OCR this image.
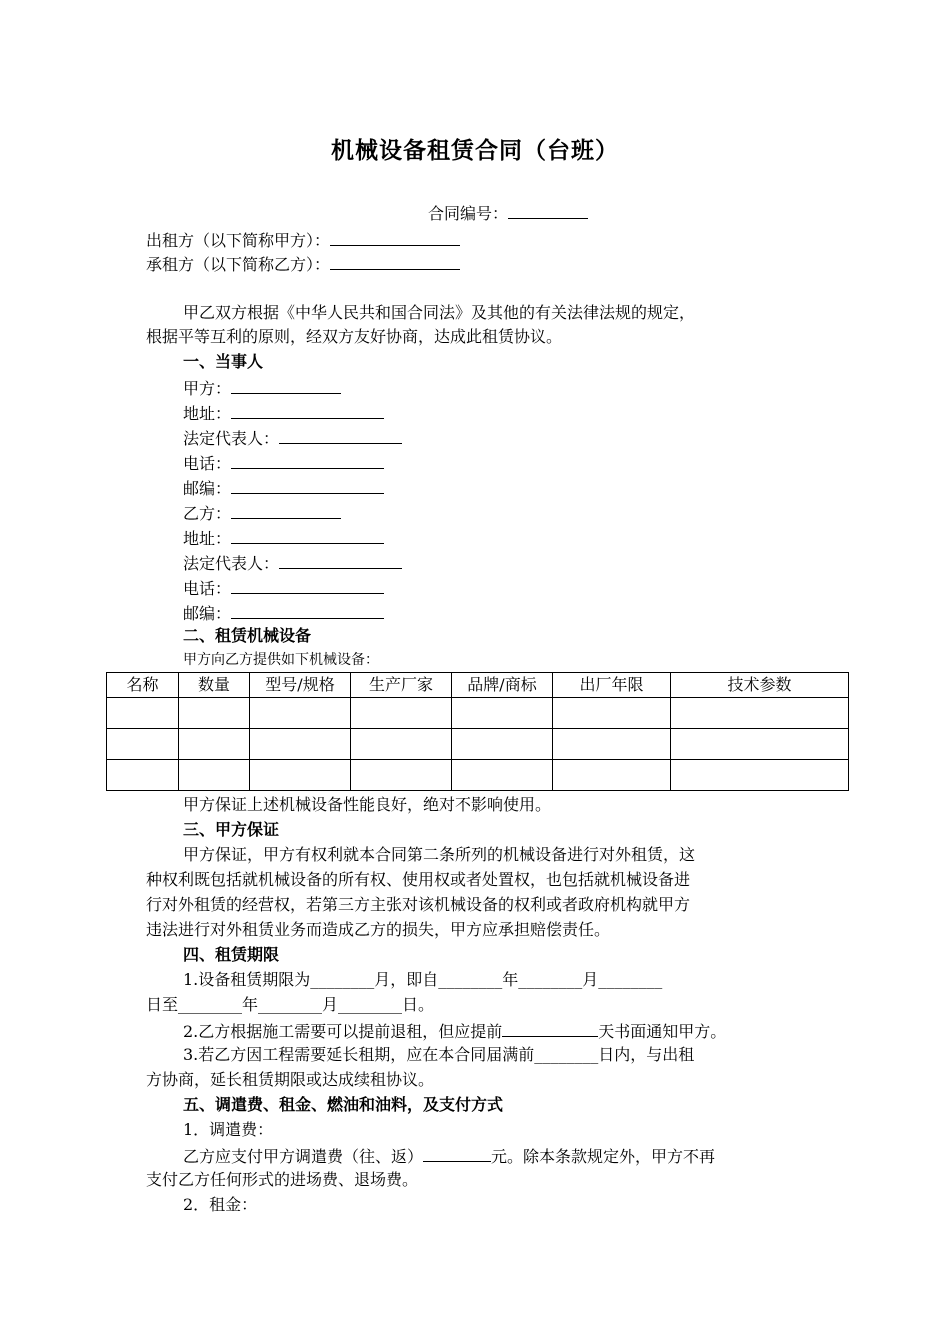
机械设备租赁合同（台班）
合同编号：
出租方（以下简称甲方）：
承租方（以下简称乙方）：
甲乙双方根据《中华人民共和国合同法》及其他的有关法律法规的规定，
根据平等互利的原则，经双方友好协商，达成此租赁协议。
一、当事人
甲方：
地址：
法定代表人：
电话：
邮编：
乙方：
地址：
法定代表人：
电话：
邮编：
二、租赁机械设备
甲方向乙方提供如下机械设备：
名称	数量	型号/规格	生产厂家	品牌/商标	出厂年限	技术参数

甲方保证上述机械设备性能良好，绝对不影响使用。
三、甲方保证
甲方保证，甲方有权利就本合同第二条所列的机械设备进行对外租赁，这
种权利既包括就机械设备的所有权、使用权或者处置权，也包括就机械设备进
行对外租赁的经营权，若第三方主张对该机械设备的权利或者政府机构就甲方
违法进行对外租赁业务而造成乙方的损失，甲方应承担赔偿责任。
四、租赁期限
1.设备租赁期限为________月，即自________年________月________
日至________年________月________日。
2.乙方根据施工需要可以提前退租，但应提前	天书面通知甲方。
3.若乙方因工程需要延长租期，应在本合同届满前________日内，与出租
方协商，延长租赁期限或达成续租协议。
五、调遣费、租金、燃油和油料，及支付方式
1．调遣费：
乙方应支付甲方调遣费（往、返）	元。除本条款规定外，甲方不再
支付乙方任何形式的进场费、退场费。
2．租金：
